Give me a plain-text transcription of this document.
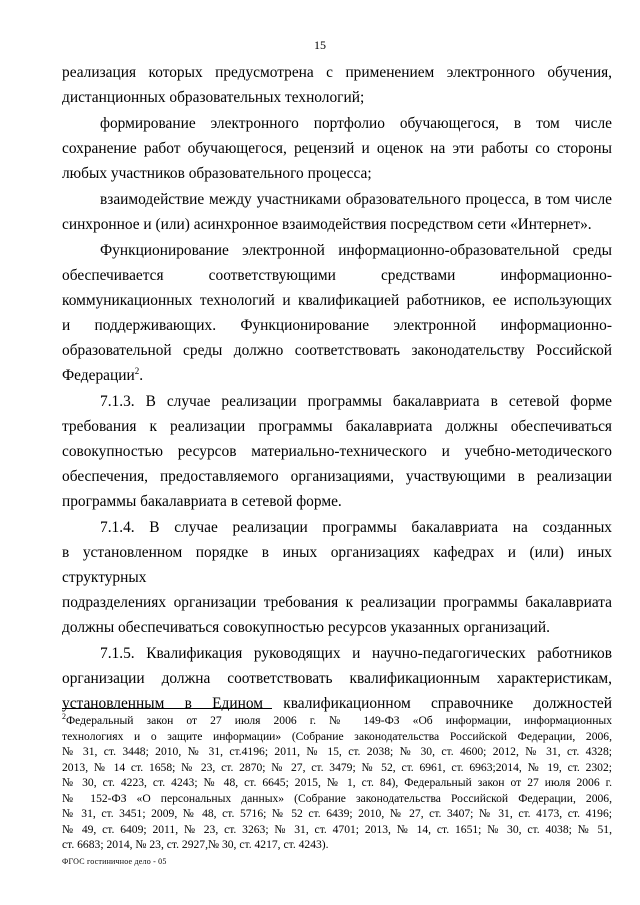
15
реализация которых предусмотрена с применением электронного обучения,
дистанционных образовательных технологий;
формирование электронного портфолио обучающегося, в том числе
сохранение работ обучающегося, рецензий и оценок на эти работы со стороны
любых участников образовательного процесса;
взаимодействие между участниками образовательного процесса, в том числе
синхронное и (или) асинхронное взаимодействия посредством сети «Интернет».
Функционирование электронной информационно-образовательной среды
обеспечивается соответствующими средствами информационно-
коммуникационных технологий и квалификацией работников, ее использующих
и поддерживающих. Функционирование электронной информационно-
образовательной среды должно соответствовать законодательству Российской
Федерации$^2$.
7.1.3. В случае реализации программы бакалавриата в сетевой форме
требования к реализации программы бакалавриата должны обеспечиваться
совокупностью ресурсов материально-технического и учебно-методического
обеспечения, предоставляемого организациями, участвующими в реализации
программы бакалавриата в сетевой форме.
7.1.4. В случае реализации программы бакалавриата на созданных
в установленном порядке в иных организациях кафедрах и (или) иных структурных
подразделениях организации требования к реализации программы бакалавриата
должны обеспечиваться совокупностью ресурсов указанных организаций.
7.1.5. Квалификация руководящих и научно-педагогических работников
организации должна соответствовать квалификационным характеристикам,
установленным в Едином квалификационном справочнике должностей
$^2$Федеральный закон от 27 июля 2006 г. № 149-ФЗ «Об информации, информационных
технологиях и о защите информации» (Собрание законодательства Российской Федерации, 2006,
№ 31, ст. 3448; 2010, № 31, ст.4196; 2011, № 15, ст. 2038; № 30, ст. 4600; 2012, № 31, ст. 4328;
2013, № 14 ст. 1658; № 23, ст. 2870; № 27, ст. 3479; № 52, ст. 6961, ст. 6963;2014, № 19, ст. 2302;
№ 30, ст. 4223, ст. 4243; № 48, ст. 6645; 2015, № 1, ст. 84), Федеральный закон от 27 июля 2006 г.
№ 152-ФЗ «О персональных данных» (Собрание законодательства Российской Федерации, 2006,
№ 31, ст. 3451; 2009, № 48, ст. 5716; № 52 ст. 6439; 2010, № 27, ст. 3407; № 31, ст. 4173, ст. 4196;
№ 49, ст. 6409; 2011, № 23, ст. 3263; № 31, ст. 4701; 2013, № 14, ст. 1651; № 30, ст. 4038; № 51,
ст. 6683; 2014, № 23, ст. 2927,№ 30, ст. 4217, ст. 4243).
ФГОС гостиничное дело - 05
